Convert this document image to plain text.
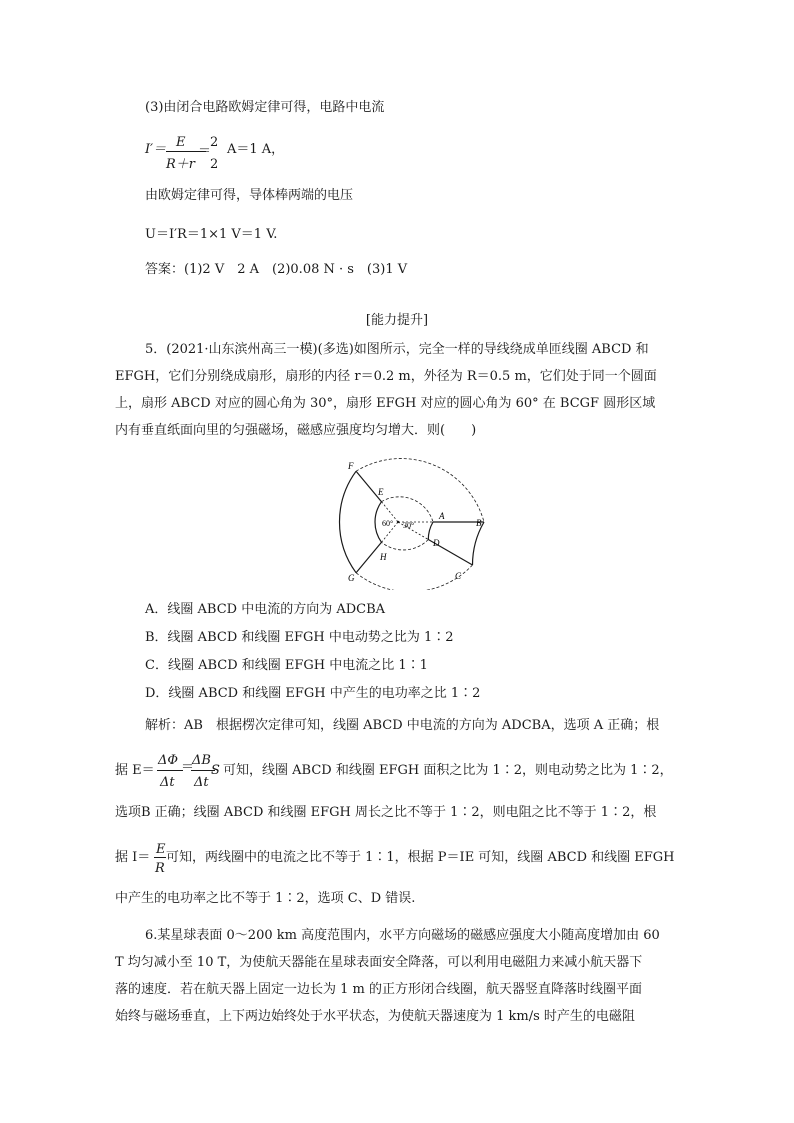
(3)由闭合电路欧姆定律可得，电路中电流
I′＝ E
R＋r
＝
2
2
A＝1 A，
由欧姆定律可得，导体棒两端的电压
U＝I′R＝1×1 V＝1 V.
答案：(1)2 V　2 A　(2)0.08 N · s　(3)1 V
[能力提升]
5．(2021·山东滨州高三一模)(多选)如图所示，完全一样的导线绕成单匝线圈 ABCD 和
EFGH，它们分别绕成扇形，扇形的内径 r＝0.2 m，外径为 R＝0.5 m，它们处于同一个圆面
上，扇形 ABCD 对应的圆心角为 30°，扇形 EFGH 对应的圆心角为 60° 在 BCGF 圆形区域
内有垂直纸面向里的匀强磁场，磁感应强度均匀增大．则(　　)
F
E
A
B
D
C
H
G
60° 30°
A．线圈 ABCD 中电流的方向为 ADCBA
B．线圈 ABCD 和线圈 EFGH 中电动势之比为 1∶2
C．线圈 ABCD 和线圈 EFGH 中电流之比 1∶1
D．线圈 ABCD 和线圈 EFGH 中产生的电功率之比 1∶2
解析：AB　根据楞次定律可知，线圈 ABCD 中电流的方向为 ADCBA，选项 A 正确；根
据 E＝
ΔΦ
Δt
＝
ΔB
Δt
S 可知，线圈 ABCD 和线圈 EFGH 面积之比为 1∶2，则电动势之比为 1∶2，
选项B 正确；线圈 ABCD 和线圈 EFGH 周长之比不等于 1∶2，则电阻之比不等于 1∶2，根
据 I＝
E
R
可知，两线圈中的电流之比不等于 1∶1，根据 P＝IE 可知，线圈 ABCD 和线圈 EFGH
中产生的电功率之比不等于 1∶2，选项 C、D 错误.
6.某星球表面 0～200 km 高度范围内，水平方向磁场的磁感应强度大小随高度增加由 60
T 均匀减小至 10 T，为使航天器能在星球表面安全降落，可以利用电磁阻力来减小航天器下
落的速度．若在航天器上固定一边长为 1 m 的正方形闭合线圈，航天器竖直降落时线圈平面
始终与磁场垂直，上下两边始终处于水平状态，为使航天器速度为 1 km/s 时产生的电磁阻
